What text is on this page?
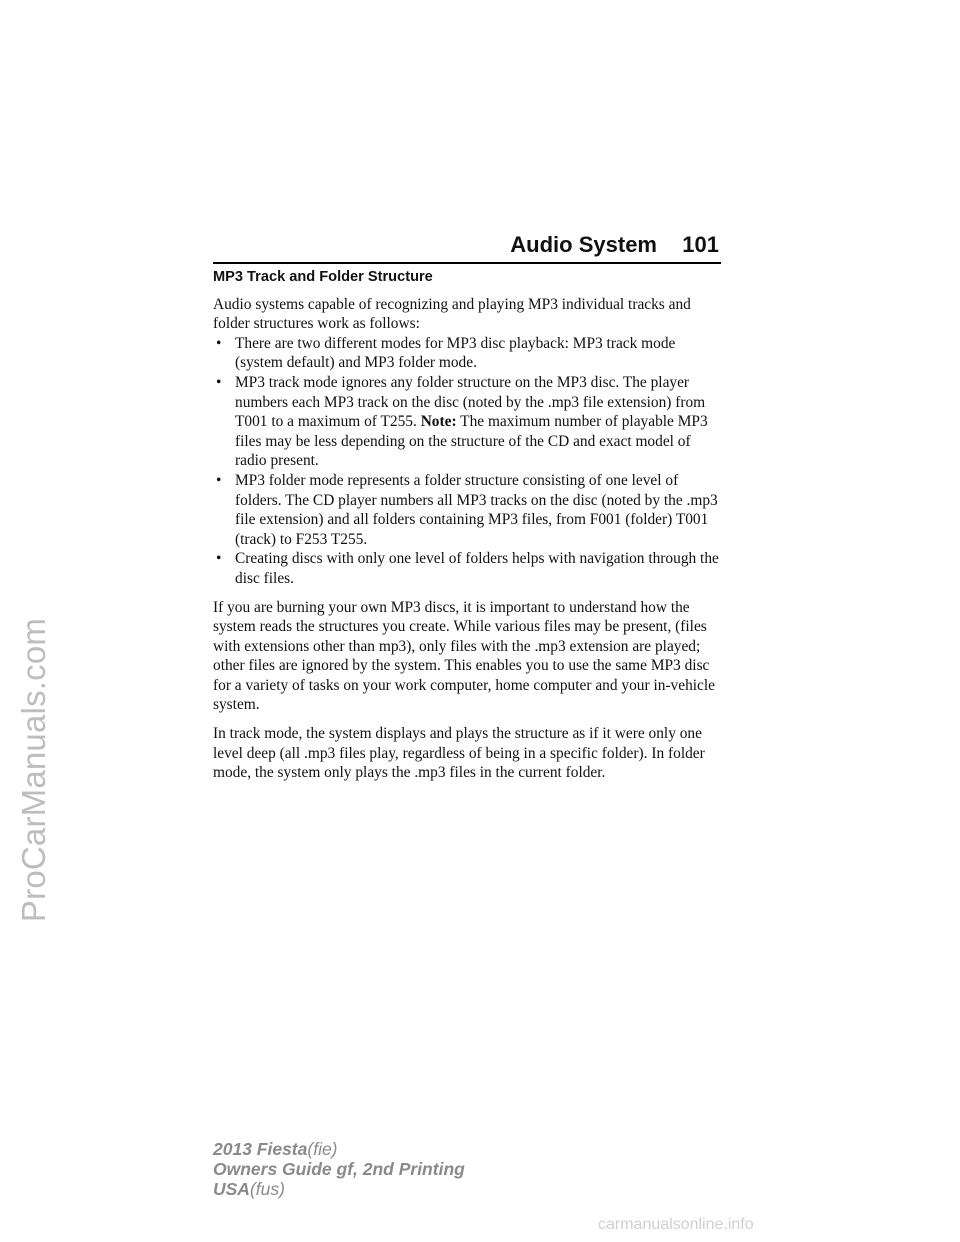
ProCarManuals.com
Audio System 101
MP3 Track and Folder Structure

Audio systems capable of recognizing and playing MP3 individual tracks and folder structures work as follows:

• There are two different modes for MP3 disc playback: MP3 track mode (system default) and MP3 folder mode.
• MP3 track mode ignores any folder structure on the MP3 disc. The player numbers each MP3 track on the disc (noted by the .mp3 file extension) from T001 to a maximum of T255. Note: The maximum number of playable MP3 files may be less depending on the structure of the CD and exact model of radio present.
• MP3 folder mode represents a folder structure consisting of one level of folders. The CD player numbers all MP3 tracks on the disc (noted by the .mp3 file extension) and all folders containing MP3 files, from F001 (folder) T001 (track) to F253 T255.
• Creating discs with only one level of folders helps with navigation through the disc files.

If you are burning your own MP3 discs, it is important to understand how the system reads the structures you create. While various files may be present, (files with extensions other than mp3), only files with the .mp3 extension are played; other files are ignored by the system. This enables you to use the same MP3 disc for a variety of tasks on your work computer, home computer and your in-vehicle system.

In track mode, the system displays and plays the structure as if it were only one level deep (all .mp3 files play, regardless of being in a specific folder). In folder mode, the system only plays the .mp3 files in the current folder.

2013 Fiesta(fie)
Owners Guide gf, 2nd Printing
USA(fus)
carmanualsonline.info
